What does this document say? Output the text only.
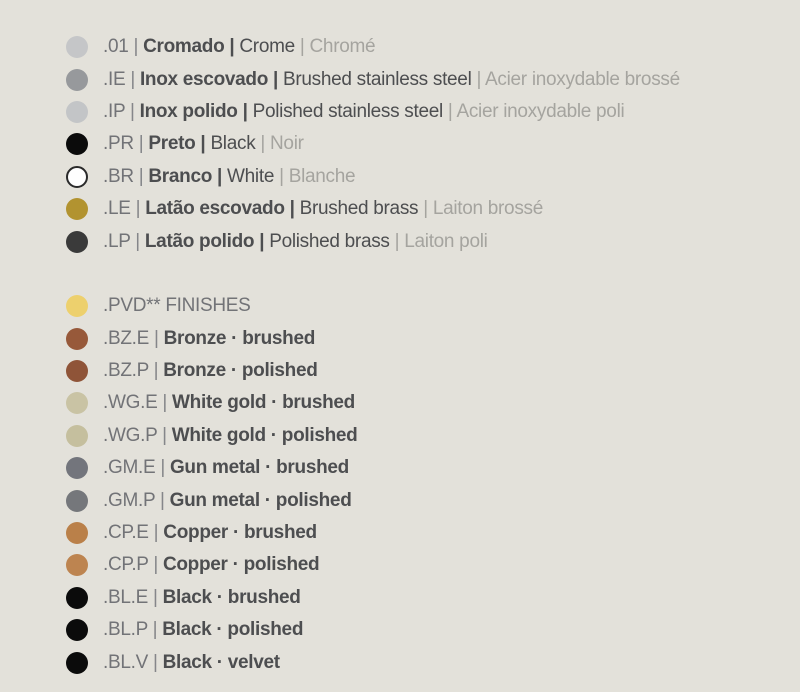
.01 | Cromado | Crome | Chromé
.IE | Inox escovado | Brushed stainless steel | Acier inoxydable brossé
.IP | Inox polido | Polished stainless steel | Acier inoxydable poli
.PR | Preto | Black | Noir
.BR | Branco | White | Blanche
.LE | Latão escovado | Brushed brass | Laiton brossé
.LP | Latão polido | Polished brass | Laiton poli
.PVD** FINISHES
.BZ.E | Bronze · brushed
.BZ.P | Bronze · polished
.WG.E | White gold · brushed
.WG.P | White gold · polished
.GM.E | Gun metal · brushed
.GM.P | Gun metal · polished
.CP.E | Copper · brushed
.CP.P | Copper · polished
.BL.E | Black · brushed
.BL.P | Black · polished
.BL.V | Black · velvet
